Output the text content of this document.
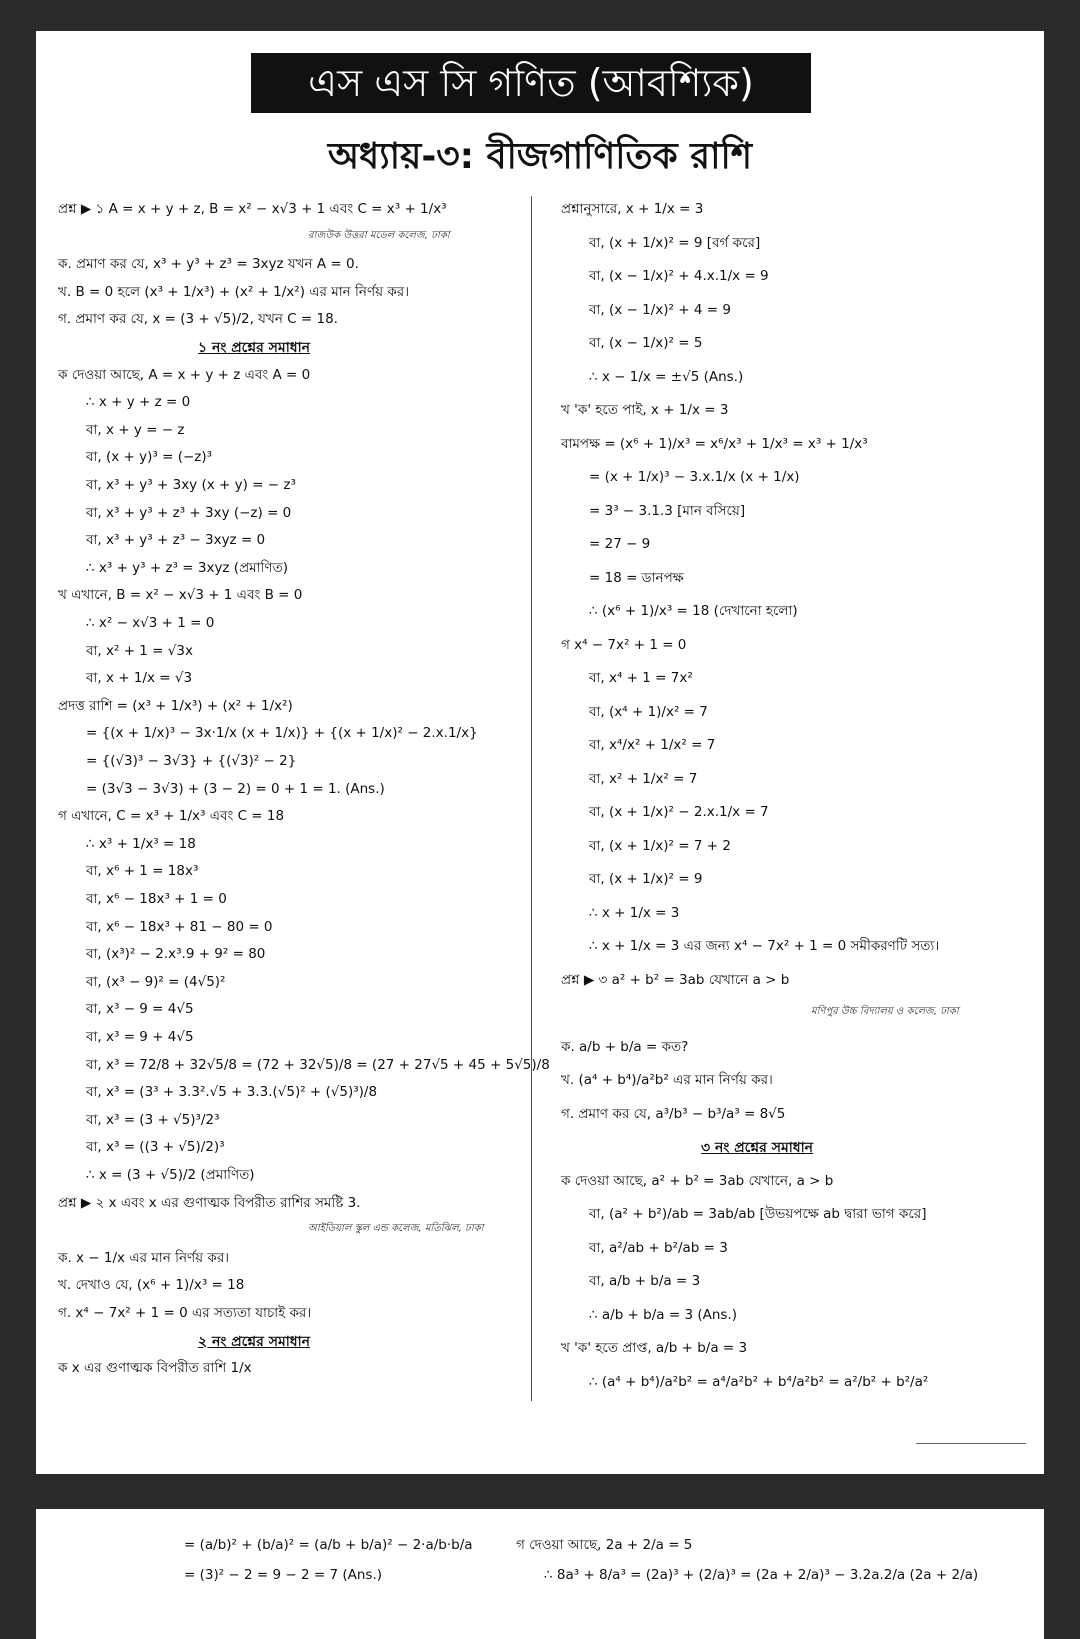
এস এস সি গণিত (আবশ্যিক)
অধ্যায়-৩: বীজগাণিতিক রাশি
প্রশ্ন ▶ ১ A = x + y + z, B = x² − x√3 + 1 এবং C = x³ + 1/x³
রাজউক উত্তরা মডেল কলেজ, ঢাকা
ক. প্রমাণ কর যে, x³ + y³ + z³ = 3xyz যখন A = 0.
খ. B = 0 হলে (x³ + 1/x³) + (x² + 1/x²) এর মান নির্ণয় কর।
গ. প্রমাণ কর যে, x = (3 + √5)/2, যখন C = 18.
১ নং প্রশ্নের সমাধান
ক দেওয়া আছে, A = x + y + z এবং A = 0
∴ x + y + z = 0
বা, x + y = − z
বা, (x + y)³ = (−z)³
বা, x³ + y³ + 3xy (x + y) = − z³
বা, x³ + y³ + z³ + 3xy (−z) = 0
বা, x³ + y³ + z³ − 3xyz = 0
∴ x³ + y³ + z³ = 3xyz (প্রমাণিত)
খ এখানে, B = x² − x√3 + 1 এবং B = 0
∴ x² − x√3 + 1 = 0
বা, x² + 1 = √3x
বা, x + 1/x = √3
প্রদত্ত রাশি = (x³ + 1/x³) + (x² + 1/x²)
= {(x + 1/x)³ − 3x·1/x (x + 1/x)} + {(x + 1/x)² − 2.x.1/x}
= {(√3)³ − 3√3} + {(√3)² − 2}
= (3√3 − 3√3) + (3 − 2) = 0 + 1 = 1. (Ans.)
গ এখানে, C = x³ + 1/x³ এবং C = 18
∴ x³ + 1/x³ = 18
বা, x⁶ + 1 = 18x³
বা, x⁶ − 18x³ + 1 = 0
বা, x⁶ − 18x³ + 81 − 80 = 0
বা, (x³)² − 2.x³.9 + 9² = 80
বা, (x³ − 9)² = (4√5)²
বা, x³ − 9 = 4√5
বা, x³ = 9 + 4√5
বা, x³ = 72/8 + 32√5/8 = (72 + 32√5)/8 = (27 + 27√5 + 45 + 5√5)/8
বা, x³ = (3³ + 3.3².√5 + 3.3.(√5)² + (√5)³)/8
বা, x³ = (3 + √5)³/2³
বা, x³ = ((3 + √5)/2)³
∴ x = (3 + √5)/2 (প্রমাণিত)
প্রশ্ন ▶ ২ x এবং x এর গুণাত্মক বিপরীত রাশির সমষ্টি 3.
আইডিয়াল স্কুল এন্ড কলেজ, মতিঝিল, ঢাকা
ক. x − 1/x এর মান নির্ণয় কর।
খ. দেখাও যে, (x⁶ + 1)/x³ = 18
গ. x⁴ − 7x² + 1 = 0 এর সত্যতা যাচাই কর।
২ নং প্রশ্নের সমাধান
ক x এর গুণাত্মক বিপরীত রাশি 1/x
প্রশ্নানুসারে, x + 1/x = 3
বা, (x + 1/x)² = 9 [বর্গ করে]
বা, (x − 1/x)² + 4.x.1/x = 9
বা, (x − 1/x)² + 4 = 9
বা, (x − 1/x)² = 5
∴ x − 1/x = ±√5 (Ans.)
খ 'ক' হতে পাই, x + 1/x = 3
বামপক্ষ = (x⁶ + 1)/x³ = x⁶/x³ + 1/x³ = x³ + 1/x³
= (x + 1/x)³ − 3.x.1/x (x + 1/x)
= 3³ − 3.1.3 [মান বসিয়ে]
= 27 − 9
= 18 = ডানপক্ষ
∴ (x⁶ + 1)/x³ = 18 (দেখানো হলো)
গ x⁴ − 7x² + 1 = 0
বা, x⁴ + 1 = 7x²
বা, (x⁴ + 1)/x² = 7
বা, x⁴/x² + 1/x² = 7
বা, x² + 1/x² = 7
বা, (x + 1/x)² − 2.x.1/x = 7
বা, (x + 1/x)² = 7 + 2
বা, (x + 1/x)² = 9
∴ x + 1/x = 3
∴ x + 1/x = 3 এর জন্য x⁴ − 7x² + 1 = 0 সমীকরণটি সত্য।
প্রশ্ন ▶ ৩ a² + b² = 3ab যেখানে a > b
মণিপুর উচ্চ বিদ্যালয় ও কলেজ, ঢাকা
ক. a/b + b/a = কত?
খ. (a⁴ + b⁴)/a²b² এর মান নির্ণয় কর।
গ. প্রমাণ কর যে, a³/b³ − b³/a³ = 8√5
৩ নং প্রশ্নের সমাধান
ক দেওয়া আছে, a² + b² = 3ab যেখানে, a > b
বা, (a² + b²)/ab = 3ab/ab [উভয়পক্ষে ab দ্বারা ভাগ করে]
বা, a²/ab + b²/ab = 3
বা, a/b + b/a = 3
∴ a/b + b/a = 3 (Ans.)
খ 'ক' হতে প্রাপ্ত, a/b + b/a = 3
∴ (a⁴ + b⁴)/a²b² = a⁴/a²b² + b⁴/a²b² = a²/b² + b²/a²
= (a/b)² + (b/a)² = (a/b + b/a)² − 2·a/b·b/a
= (3)² − 2 = 9 − 2 = 7 (Ans.)
গ দেওয়া আছে, 2a + 2/a = 5
∴ 8a³ + 8/a³ = (2a)³ + (2/a)³ = (2a + 2/a)³ − 3.2a.2/a (2a + 2/a)
